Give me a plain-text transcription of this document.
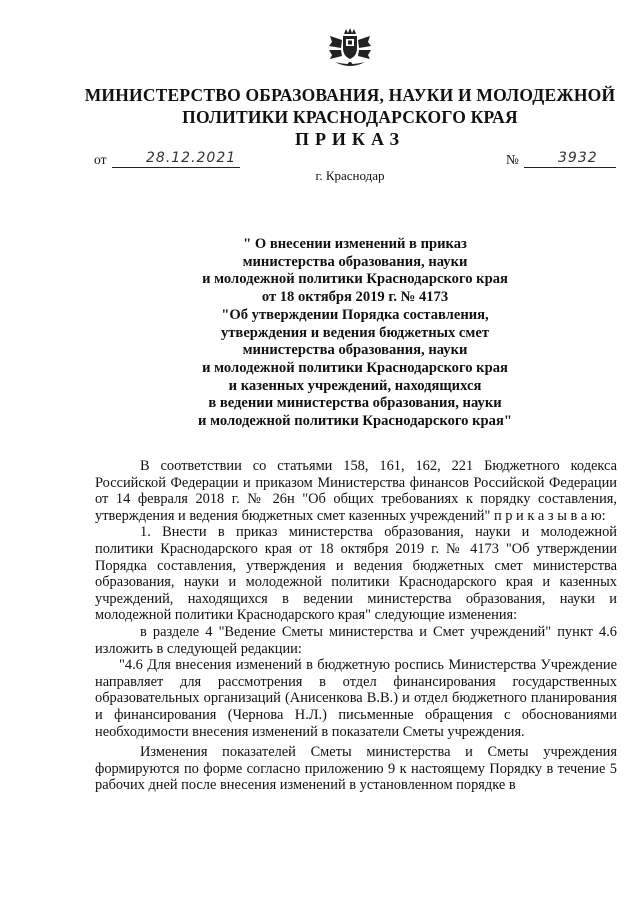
МИНИСТЕРСТВО ОБРАЗОВАНИЯ, НАУКИ И МОЛОДЕЖНОЙ
ПОЛИТИКИ КРАСНОДАРСКОГО КРАЯ
ПРИКАЗ
от	28.12.2021	№	3932
г. Краснодар
" О внесении изменений в приказ
министерства образования, науки
и молодежной политики Краснодарского края
от 18 октября 2019 г. № 4173
"Об утверждении Порядка составления,
утверждения и ведения бюджетных смет
министерства образования, науки
и молодежной политики Краснодарского края
и казенных учреждений, находящихся
в ведении министерства образования, науки
и молодежной политики Краснодарского края"

В соответствии со статьями 158, 161, 162, 221 Бюджетного кодекса Российской Федерации и приказом Министерства финансов Российской Федерации от 14 февраля 2018 г. № 26н "Об общих требованиях к порядку составления, утверждения и ведения бюджетных смет казенных учреждений" п р и к а з ы в а ю:

1. Внести в приказ министерства образования, науки и молодежной политики Краснодарского края от 18 октября 2019 г. № 4173 "Об утверждении Порядка составления, утверждения и ведения бюджетных смет министерства образования, науки и молодежной политики Краснодарского края и казенных учреждений, находящихся в ведении министерства образования, науки и молодежной политики Краснодарского края" следующие изменения:

в разделе 4 "Ведение Сметы министерства и Смет учреждений" пункт 4.6 изложить в следующей редакции:

"4.6 Для внесения изменений в бюджетную роспись Министерства Учреждение направляет для рассмотрения в отдел финансирования государственных образовательных организаций (Анисенкова В.В.) и отдел бюджетного планирования и финансирования (Чернова Н.Л.) письменные обращения с обоснованиями необходимости внесения изменений в показатели Сметы учреждения.

Изменения показателей Сметы министерства и Сметы учреждения формируются по форме согласно приложению 9 к настоящему Порядку в течение 5 рабочих дней после внесения изменений в установленном порядке в
